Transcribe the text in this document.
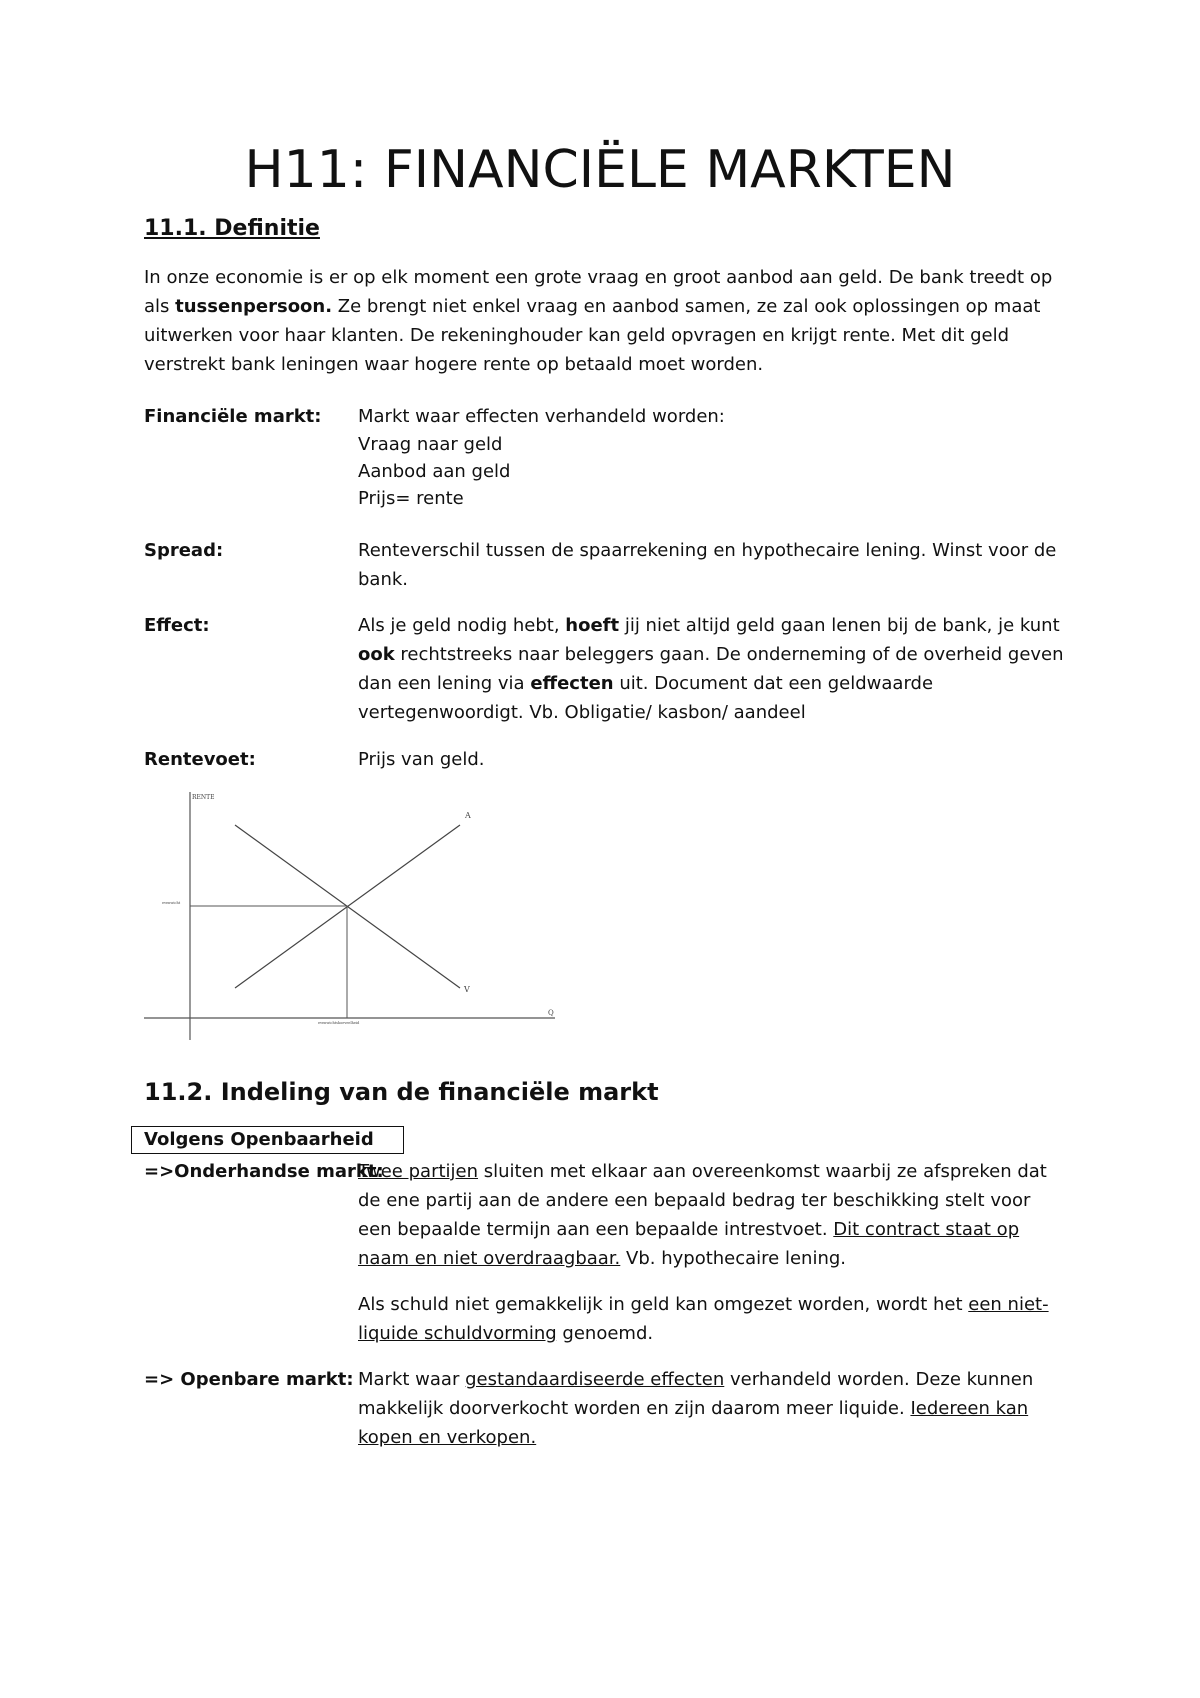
H11: FINANCIËLE MARKTEN
11.1. Definitie
In onze economie is er op elk moment een grote vraag en groot aanbod aan geld. De bank treedt op als tussenpersoon. Ze brengt niet enkel vraag en aanbod samen, ze zal ook oplossingen op maat uitwerken voor haar klanten. De rekeninghouder kan geld opvragen en krijgt rente. Met dit geld verstrekt bank leningen waar hogere rente op betaald moet worden.
Financiële markt: Markt waar effecten verhandeld worden:
Vraag naar geld
Aanbod aan geld
Prijs= rente
Spread:	Renteverschil tussen de spaarrekening en hypothecaire lening. Winst voor de bank.
Effect:	Als je geld nodig hebt, hoeft jij niet altijd geld gaan lenen bij de bank, je kunt ook rechtstreeks naar beleggers gaan. De onderneming of de overheid geven dan een lening via effecten uit. Document dat een geldwaarde vertegenwoordigt. Vb. Obligatie/ kasbon/ aandeel
Rentevoet:	Prijs van geld.
RENTE
Q
A
V
evenwicht
evenwichtshoeveelheid
11.2. Indeling van de financiële markt
Volgens Openbaarheid
=>Onderhandse markt:
Twee partijen sluiten met elkaar aan overeenkomst waarbij ze afspreken dat de ene partij aan de andere een bepaald bedrag ter beschikking stelt voor een bepaalde termijn aan een bepaalde intrestvoet. Dit contract staat op naam en niet overdraagbaar. Vb. hypothecaire lening.
Als schuld niet gemakkelijk in geld kan omgezet worden, wordt het een niet-liquide schuldvorming genoemd.
=> Openbare markt: Markt waar gestandaardiseerde effecten verhandeld worden. Deze kunnen makkelijk doorverkocht worden en zijn daarom meer liquide. Iedereen kan kopen en verkopen.
